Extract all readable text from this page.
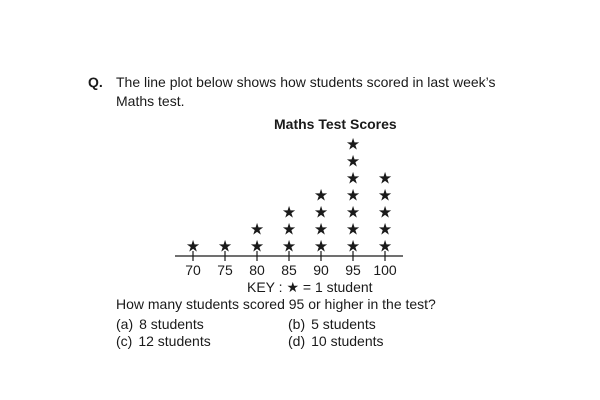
Q. The line plot below shows how students scored in last week’s
Maths test.
Maths Test Scores
70
★
75
★
80
★
★
85
★
★
★
90
★
★
★
★
95
★
★
★
★
★
★
★
100
★
★
★
★
★
KEY : ★ = 1 student
How many students scored 95 or higher in the test?
(a) 8 students	(b) 5 students
(c) 12 students	(d) 10 students
